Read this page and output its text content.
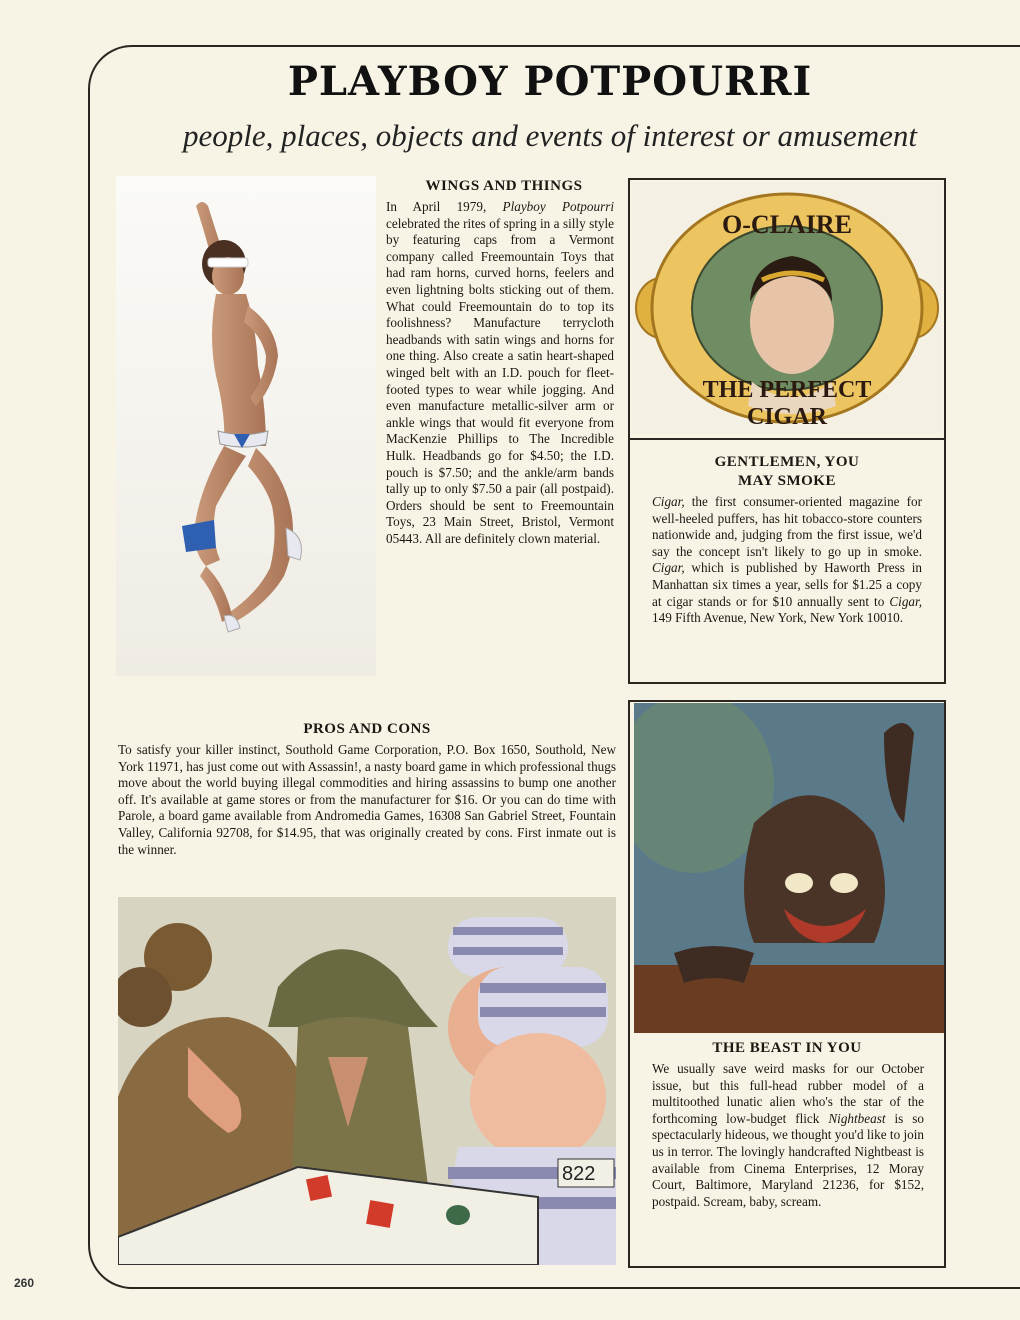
PLAYBOY POTPOURRI
people, places, objects and events of interest or amusement
WINGS AND THINGS
In April 1979, Playboy Potpourri celebrated the rites of spring in a silly style by featuring caps from a Vermont company called Freemountain Toys that had ram horns, curved horns, feelers and even lightning bolts sticking out of them. What could Freemountain do to top its foolishness? Manufacture terrycloth headbands with satin wings and horns for one thing. Also create a satin heart-shaped winged belt with an I.D. pouch for fleet-footed types to wear while jogging. And even manufacture metallic-silver arm or ankle wings that would fit everyone from MacKenzie Phillips to The Incredible Hulk. Headbands go for $4.50; the I.D. pouch is $7.50; and the ankle/arm bands tally up to only $7.50 a pair (all postpaid). Orders should be sent to Freemountain Toys, 23 Main Street, Bristol, Vermont 05443. All are definitely clown material.
O-CLAIRE
THE PERFECT CIGAR
GENTLEMEN, YOU
MAY SMOKE
Cigar, the first consumer-oriented magazine for well-heeled puffers, has hit tobacco-store counters nationwide and, judging from the first issue, we'd say the concept isn't likely to go up in smoke. Cigar, which is published by Haworth Press in Manhattan six times a year, sells for $1.25 a copy at cigar stands or for $10 annually sent to Cigar, 149 Fifth Avenue, New York, New York 10010.
PROS AND CONS
To satisfy your killer instinct, Southold Game Corporation, P.O. Box 1650, Southold, New York 11971, has just come out with Assassin!, a nasty board game in which professional thugs move about the world buying illegal commodities and hiring assassins to bump one another off. It's available at game stores or from the manufacturer for $16. Or you can do time with Parole, a board game available from Andromedia Games, 16308 San Gabriel Street, Fountain Valley, California 92708, for $14.95, that was originally created by cons. First inmate out is the winner.
822
THE BEAST IN YOU
We usually save weird masks for our October issue, but this full-head rubber model of a multitoothed lunatic alien who's the star of the forthcoming low-budget flick Nightbeast is so spectacularly hideous, we thought you'd like to join us in terror. The lovingly handcrafted Nightbeast is available from Cinema Enterprises, 12 Moray Court, Baltimore, Maryland 21236, for $152, postpaid. Scream, baby, scream.
260
